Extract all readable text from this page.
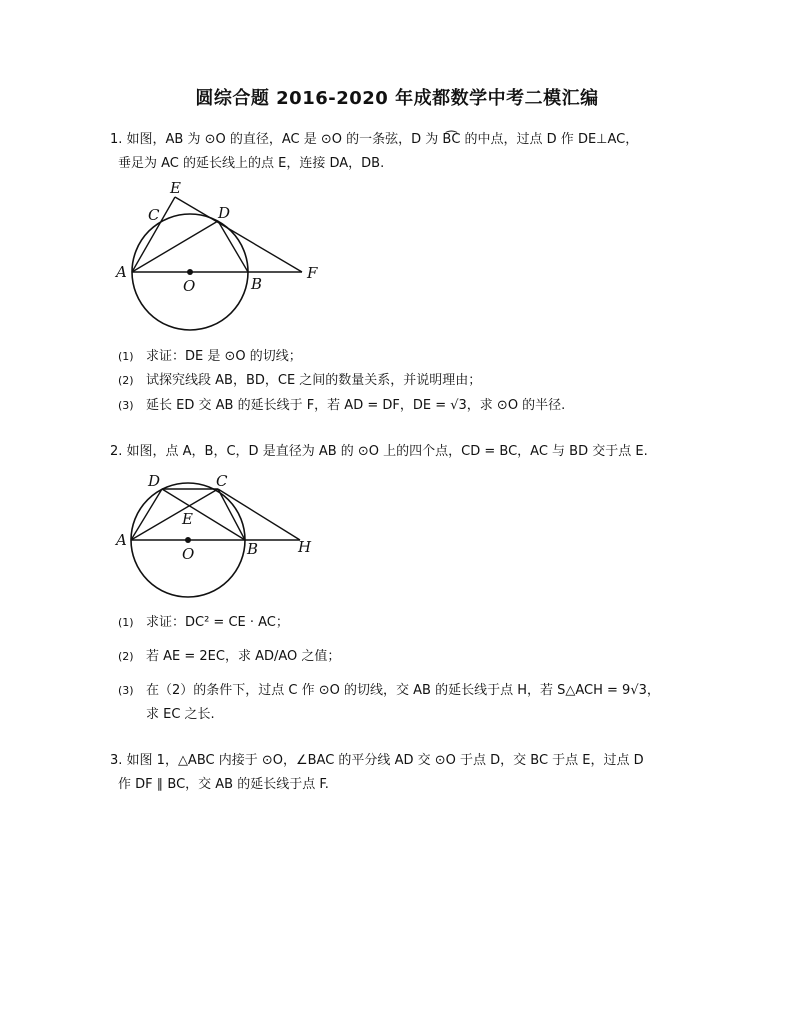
圆综合题 2016-2020 年成都数学中考二模汇编
1. 如图，AB 为 ⊙O 的直径，AC 是 ⊙O 的一条弦，D 为 B͡C 的中点，过点 D 作 DE⊥AC，
垂足为 AC 的延长线上的点 E，连接 DA，DB.
E
C	D
A
O	B
F
(1) 求证：DE 是 ⊙O 的切线；
(2) 试探究线段 AB，BD，CE 之间的数量关系，并说明理由；
(3) 延长 ED 交 AB 的延长线于 F，若 AD = DF，DE = √3，求 ⊙O 的半径.
2. 如图，点 A，B，C，D 是直径为 AB 的 ⊙O 上的四个点，CD = BC，AC 与 BD 交于点 E.
D	C
E
A
O	B	H
(1) 求证：DC² = CE · AC；
(2) 若 AE = 2EC，求 AD/AO 之值；
(3) 在（2）的条件下，过点 C 作 ⊙O 的切线，交 AB 的延长线于点 H，若 S△ACH = 9√3，
求 EC 之长.
3. 如图 1，△ABC 内接于 ⊙O，∠BAC 的平分线 AD 交 ⊙O 于点 D，交 BC 于点 E，过点 D
作 DF ∥ BC，交 AB 的延长线于点 F.
